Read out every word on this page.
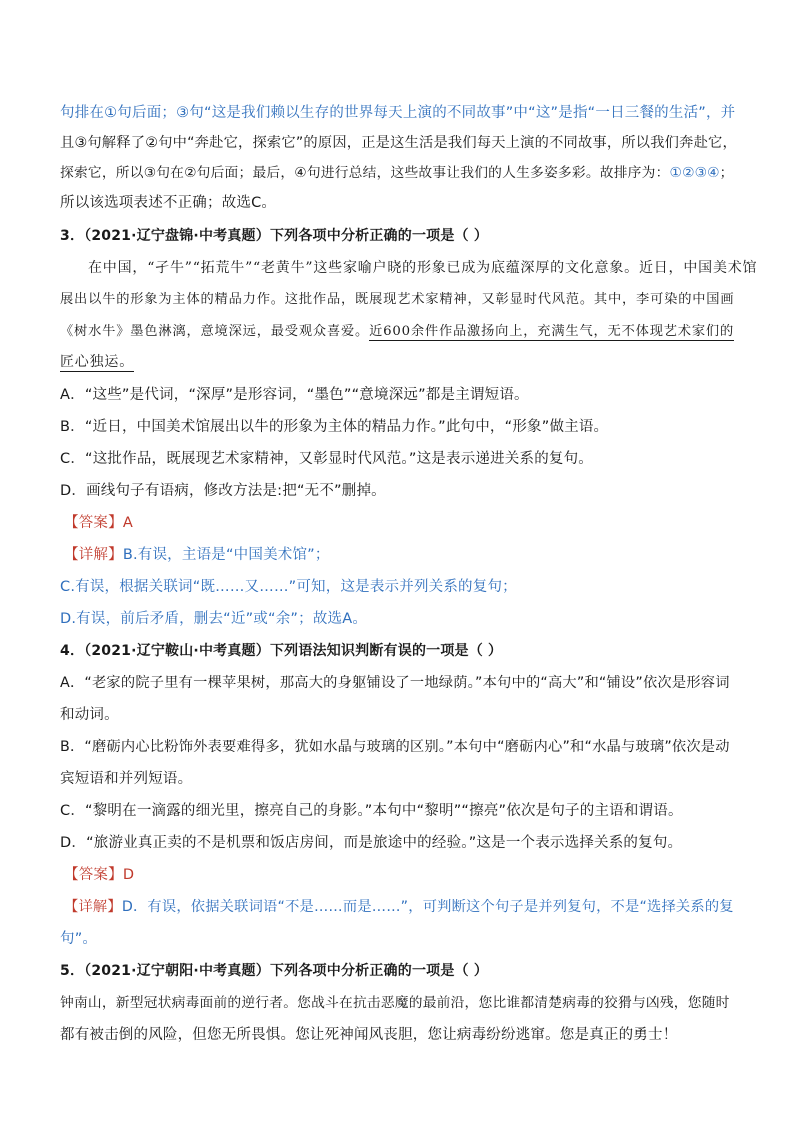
句排在①句后面；③句“这是我们赖以生存的世界每天上演的不同故事”中“这”是指“一日三餐的生活”，并
且③句解释了②句中“奔赴它，探索它”的原因，正是这生活是我们每天上演的不同故事，所以我们奔赴它，
探索它，所以③句在②句后面；最后，④句进行总结，这些故事让我们的人生多姿多彩。故排序为：①②③④；
所以该选项表述不正确；故选C。
3．（2021·辽宁盘锦·中考真题）下列各项中分析正确的一项是（ ）
在中国，“孑牛”“拓荒牛”“老黄牛”这些家喻户晓的形象已成为底蕴深厚的文化意象。近日，中国美术馆
展出以牛的形象为主体的精品力作。这批作品，既展现艺术家精神，又彰显时代风范。其中，李可染的中国画
《树水牛》墨色淋漓，意境深远，最受观众喜爱。近600余件作品激扬向上，充满生气，无不体现艺术家们的
匠心独运。
A．“这些”是代词，“深厚”是形容词，“墨色”“意境深远”都是主谓短语。
B．“近日，中国美术馆展出以牛的形象为主体的精品力作。”此句中，“形象”做主语。
C．“这批作品，既展现艺术家精神，又彰显时代风范。”这是表示递进关系的复句。
D．画线句子有语病，修改方法是:把“无不”删掉。
【答案】A
【详解】B.有误，主语是“中国美术馆”；
C.有误，根据关联词“既……又……”可知，这是表示并列关系的复句；
D.有误，前后矛盾，删去“近”或“余”；故选A。
4．（2021·辽宁鞍山·中考真题）下列语法知识判断有误的一项是（ ）
A．“老家的院子里有一棵苹果树，那高大的身躯铺设了一地绿荫。”本句中的“高大”和“铺设”依次是形容词
和动词。
B．“磨砺内心比粉饰外表要难得多，犹如水晶与玻璃的区别。”本句中“磨砺内心”和“水晶与玻璃”依次是动
宾短语和并列短语。
C．“黎明在一滴露的细光里，擦亮自己的身影。”本句中“黎明”“擦亮”依次是句子的主语和谓语。
D．“旅游业真正卖的不是机票和饭店房间，而是旅途中的经验。”这是一个表示选择关系的复句。
【答案】D
【详解】D．有误，依据关联词语“不是……而是……”，可判断这个句子是并列复句，不是“选择关系的复
句”。
5．（2021·辽宁朝阳·中考真题）下列各项中分析正确的一项是（ ）
钟南山，新型冠状病毒面前的逆行者。您战斗在抗击恶魔的最前沿，您比谁都清楚病毒的狡猾与凶残，您随时
都有被击倒的风险，但您无所畏惧。您让死神闻风丧胆，您让病毒纷纷逃窜。您是真正的勇士！
